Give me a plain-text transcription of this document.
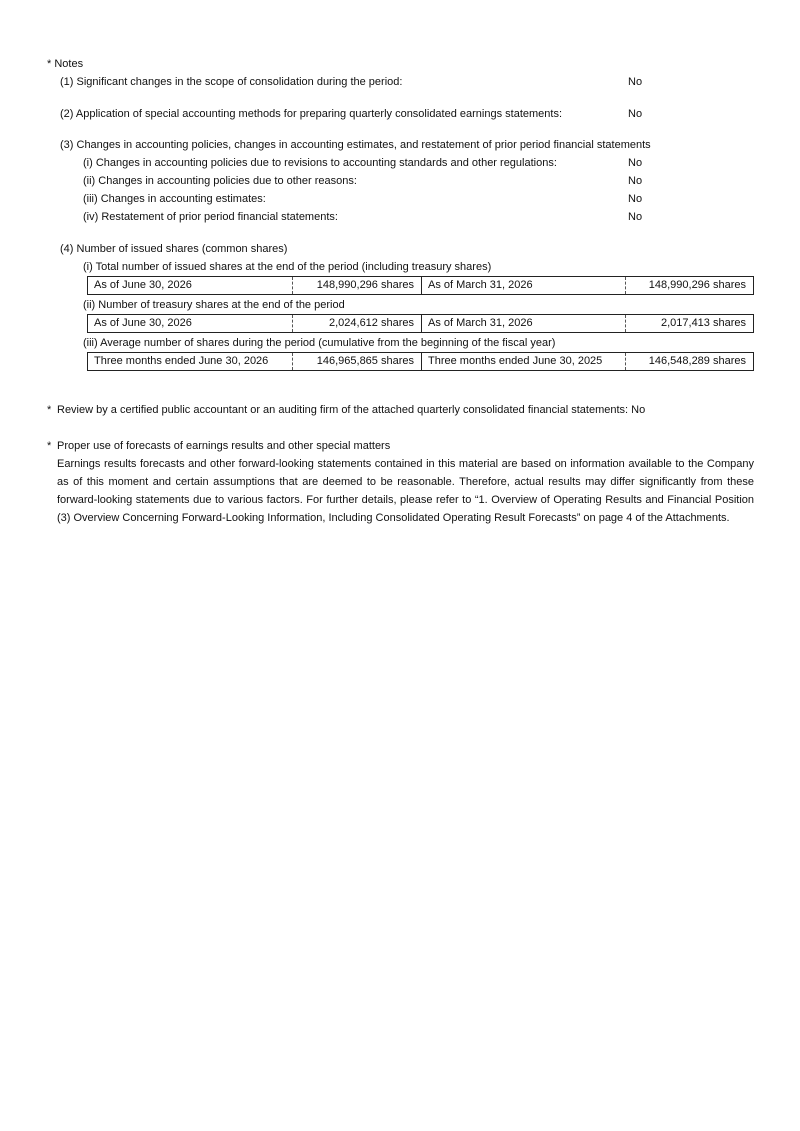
* Notes
(1) Significant changes in the scope of consolidation during the period:	No
(2) Application of special accounting methods for preparing quarterly consolidated earnings statements:	No
(3) Changes in accounting policies, changes in accounting estimates, and restatement of prior period financial statements
(i) Changes in accounting policies due to revisions to accounting standards and other regulations:	No
(ii) Changes in accounting policies due to other reasons:	No
(iii) Changes in accounting estimates:	No
(iv) Restatement of prior period financial statements:	No
(4) Number of issued shares (common shares)
(i) Total number of issued shares at the end of the period (including treasury shares)
As of June 30, 2026	148,990,296 shares	As of March 31, 2026	148,990,296 shares
(ii) Number of treasury shares at the end of the period
As of June 30, 2026	2,024,612 shares	As of March 31, 2026	2,017,413 shares
(iii) Average number of shares during the period (cumulative from the beginning of the fiscal year)
Three months ended June 30, 2026	146,965,865 shares	Three months ended June 30, 2025	146,548,289 shares
* Review by a certified public accountant or an auditing firm of the attached quarterly consolidated financial statements: No
* Proper use of forecasts of earnings results and other special matters
Earnings results forecasts and other forward-looking statements contained in this material are based on information available to the Company as of this moment and certain assumptions that are deemed to be reasonable. Therefore, actual results may differ significantly from these forward-looking statements due to various factors. For further details, please refer to “1. Overview of Operating Results and Financial Position (3) Overview Concerning Forward-Looking Information, Including Consolidated Operating Result Forecasts” on page 4 of the Attachments.
